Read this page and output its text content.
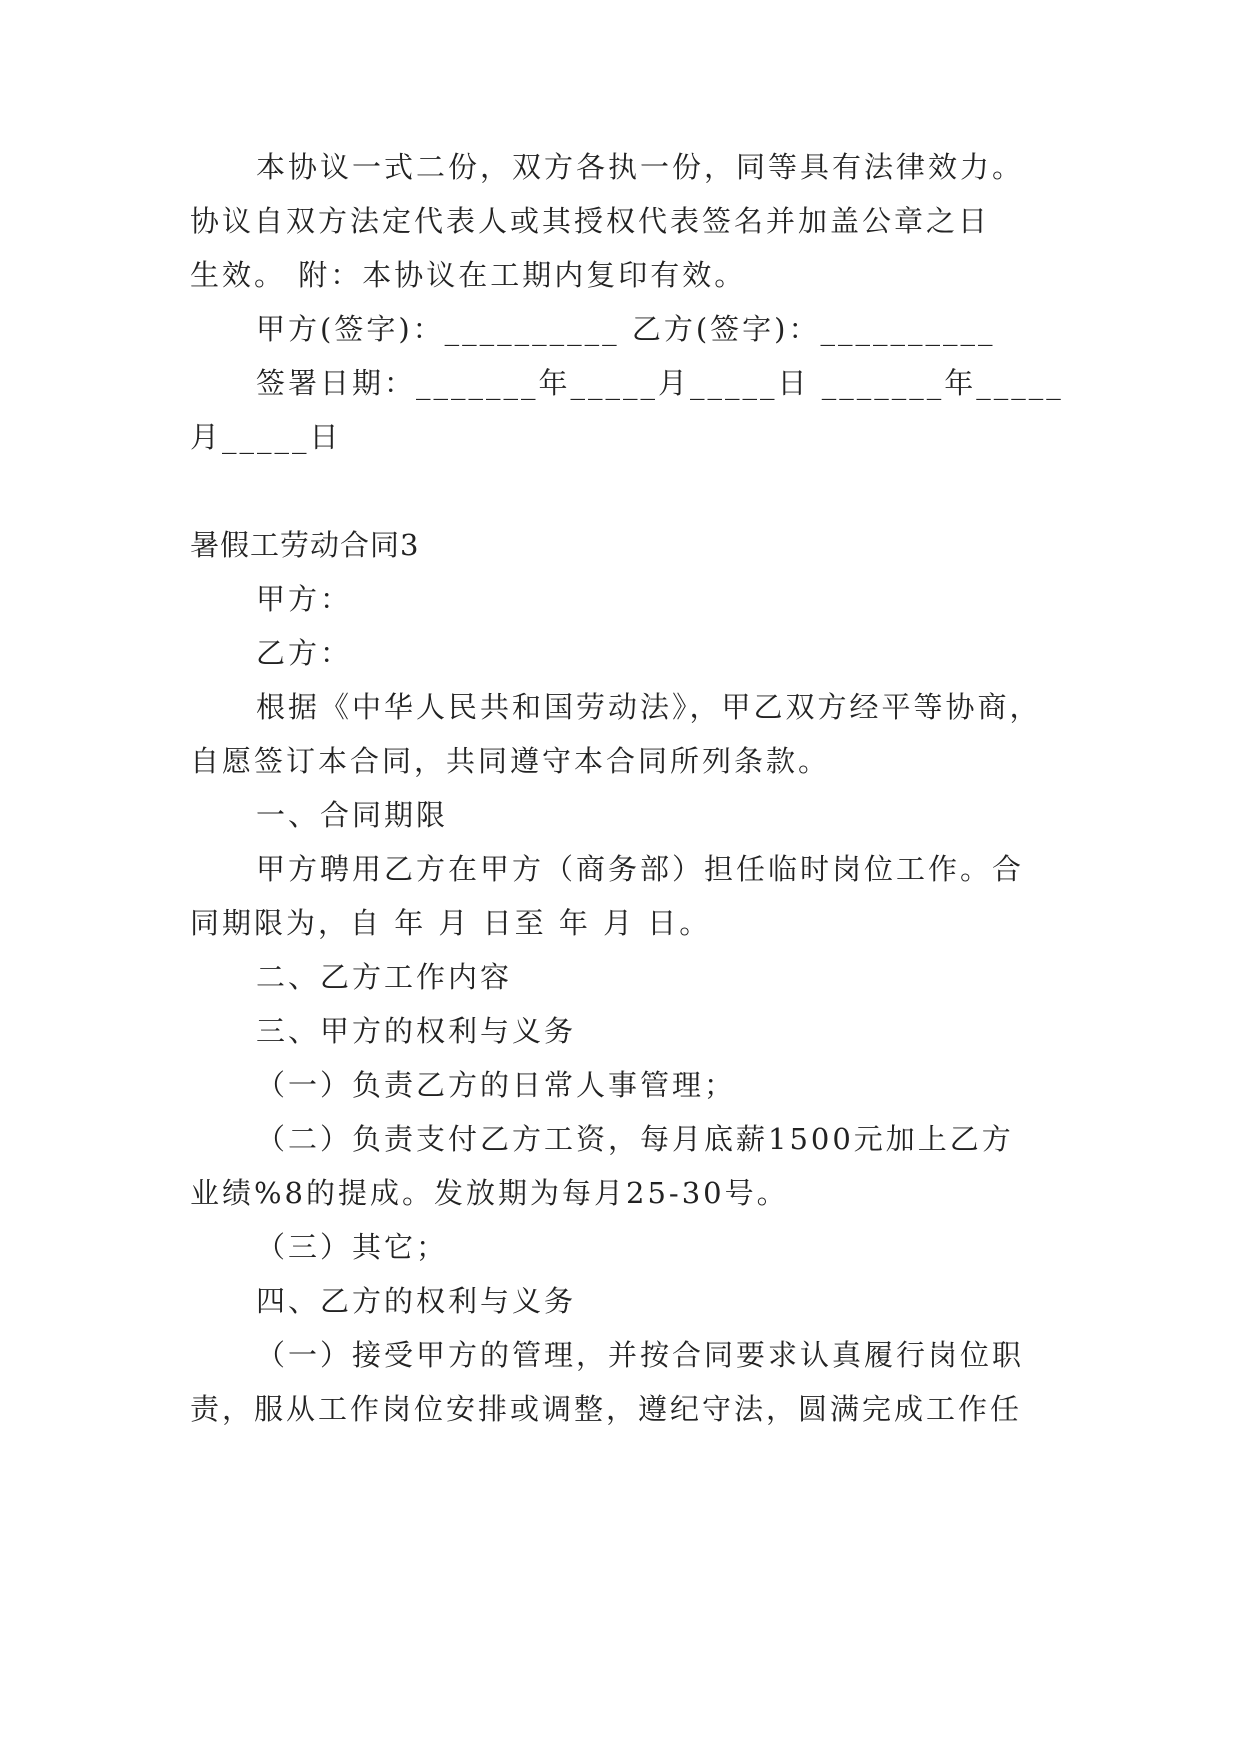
本协议一式二份，双方各执一份，同等具有法律效力。
协议自双方法定代表人或其授权代表签名并加盖公章之日
生效。 附：本协议在工期内复印有效。
甲方(签字)：__________ 乙方(签字)：__________
签署日期：_______年_____月_____日 _______年_____
月_____日
暑假工劳动合同3
甲方：
乙方：
根据《中华人民共和国劳动法》，甲乙双方经平等协商，
自愿签订本合同，共同遵守本合同所列条款。
一、合同期限
甲方聘用乙方在甲方（商务部）担任临时岗位工作。合
同期限为，自 年 月 日至 年 月 日。
二、乙方工作内容
三、甲方的权利与义务
（一）负责乙方的日常人事管理；
（二）负责支付乙方工资，每月底薪1500元加上乙方
业绩%8的提成。发放期为每月25-30号。
（三）其它；
四、乙方的权利与义务
（一）接受甲方的管理，并按合同要求认真履行岗位职
责，服从工作岗位安排或调整，遵纪守法，圆满完成工作任
